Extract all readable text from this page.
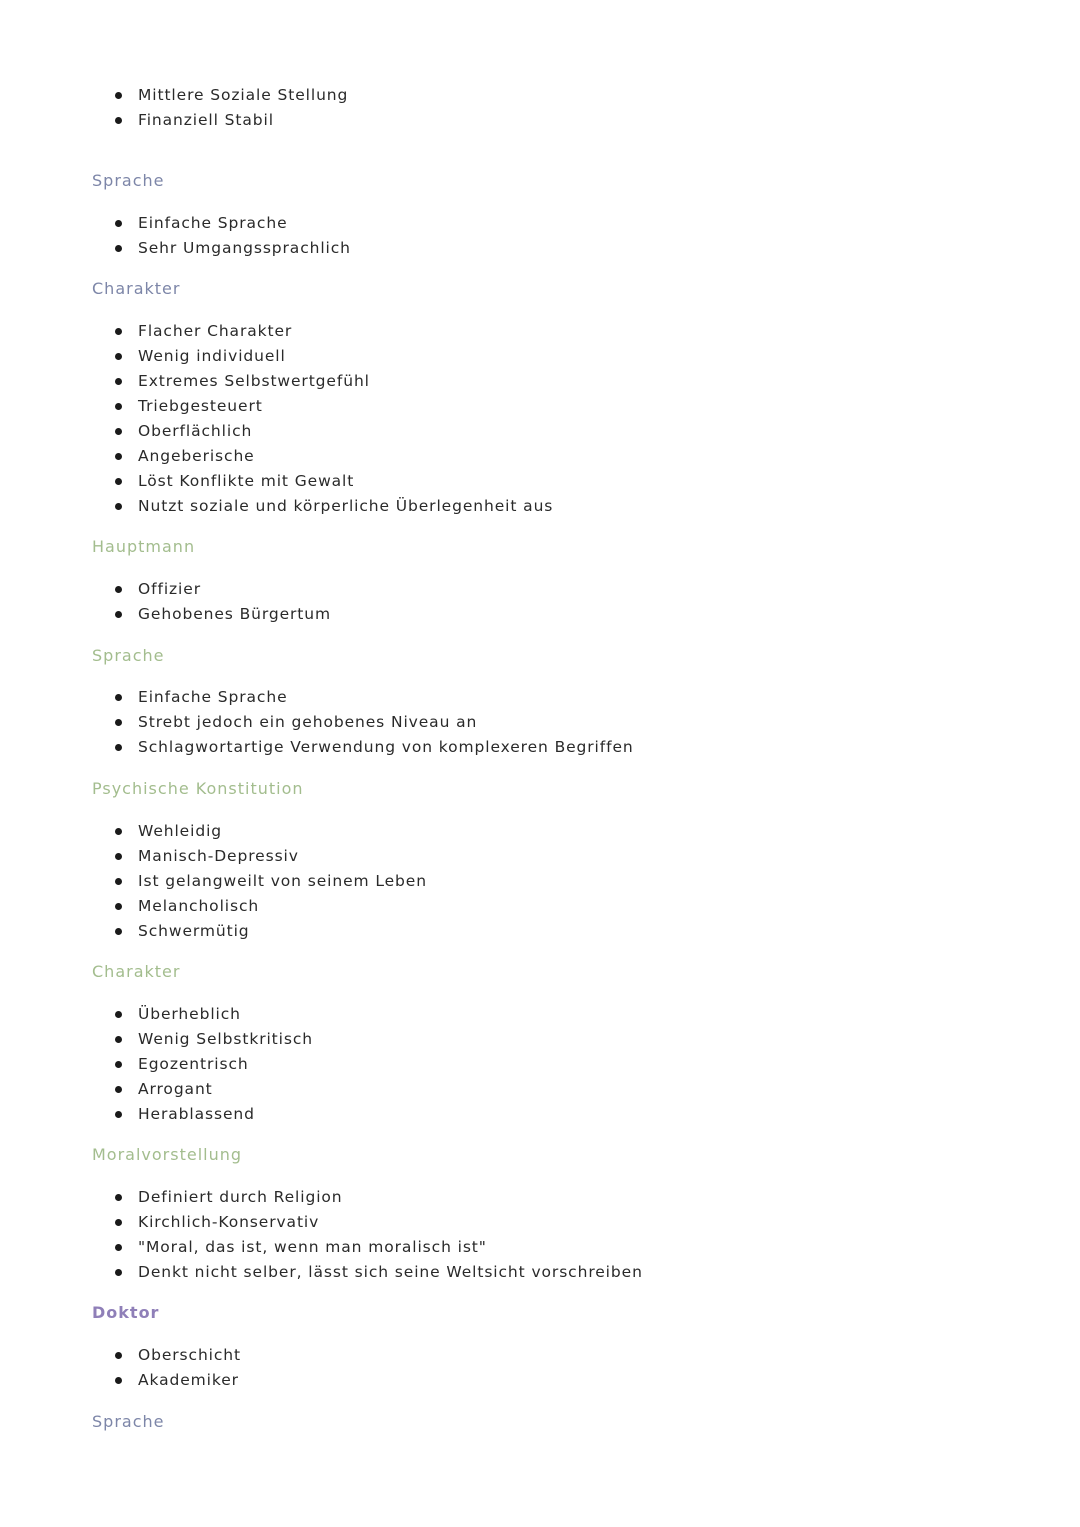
Mittlere Soziale Stellung
Finanziell Stabil
Sprache
Einfache Sprache
Sehr Umgangssprachlich
Charakter
Flacher Charakter
Wenig individuell
Extremes Selbstwertgefühl
Triebgesteuert
Oberflächlich
Angeberische
Löst Konflikte mit Gewalt
Nutzt soziale und körperliche Überlegenheit aus
Hauptmann
Offizier
Gehobenes Bürgertum
Sprache
Einfache Sprache
Strebt jedoch ein gehobenes Niveau an
Schlagwortartige Verwendung von komplexeren Begriffen
Psychische Konstitution
Wehleidig
Manisch-Depressiv
Ist gelangweilt von seinem Leben
Melancholisch
Schwermütig
Charakter
Überheblich
Wenig Selbstkritisch
Egozentrisch
Arrogant
Herablassend
Moralvorstellung
Definiert durch Religion
Kirchlich-Konservativ
"Moral, das ist, wenn man moralisch ist"
Denkt nicht selber, lässt sich seine Weltsicht vorschreiben
Doktor
Oberschicht
Akademiker
Sprache
